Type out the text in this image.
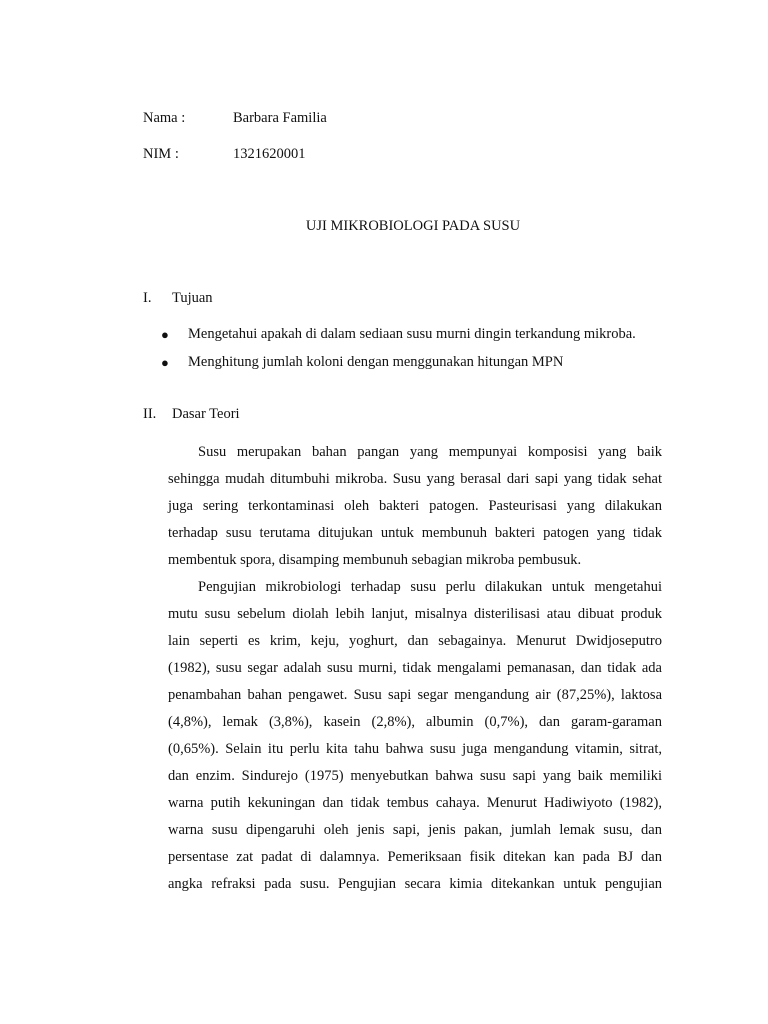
Nama :	Barbara Familia
NIM :	1321620001
UJI MIKROBIOLOGI PADA SUSU
I. Tujuan
● Mengetahui apakah di dalam sediaan susu murni dingin terkandung mikroba.
● Menghitung jumlah koloni dengan menggunakan hitungan MPN
II. Dasar Teori
Susu merupakan bahan pangan yang mempunyai komposisi yang baik
sehingga mudah ditumbuhi mikroba. Susu yang berasal dari sapi yang tidak sehat
juga sering terkontaminasi oleh bakteri patogen. Pasteurisasi yang dilakukan
terhadap susu terutama ditujukan untuk membunuh bakteri patogen yang tidak
membentuk spora, disamping membunuh sebagian mikroba pembusuk.
Pengujian mikrobiologi terhadap susu perlu dilakukan untuk mengetahui
mutu susu sebelum diolah lebih lanjut, misalnya disterilisasi atau dibuat produk
lain seperti es krim, keju, yoghurt, dan sebagainya. Menurut Dwidjoseputro
(1982), susu segar adalah susu murni, tidak mengalami pemanasan, dan tidak ada
penambahan bahan pengawet. Susu sapi segar mengandung air (87,25%), laktosa
(4,8%), lemak (3,8%), kasein (2,8%), albumin (0,7%), dan garam-garaman
(0,65%). Selain itu perlu kita tahu bahwa susu juga mengandung vitamin, sitrat,
dan enzim. Sindurejo (1975) menyebutkan bahwa susu sapi yang baik memiliki
warna putih kekuningan dan tidak tembus cahaya. Menurut Hadiwiyoto (1982),
warna susu dipengaruhi oleh jenis sapi, jenis pakan, jumlah lemak susu, dan
persentase zat padat di dalamnya. Pemeriksaan fisik ditekan kan pada BJ dan
angka refraksi pada susu. Pengujian secara kimia ditekankan untuk pengujian
